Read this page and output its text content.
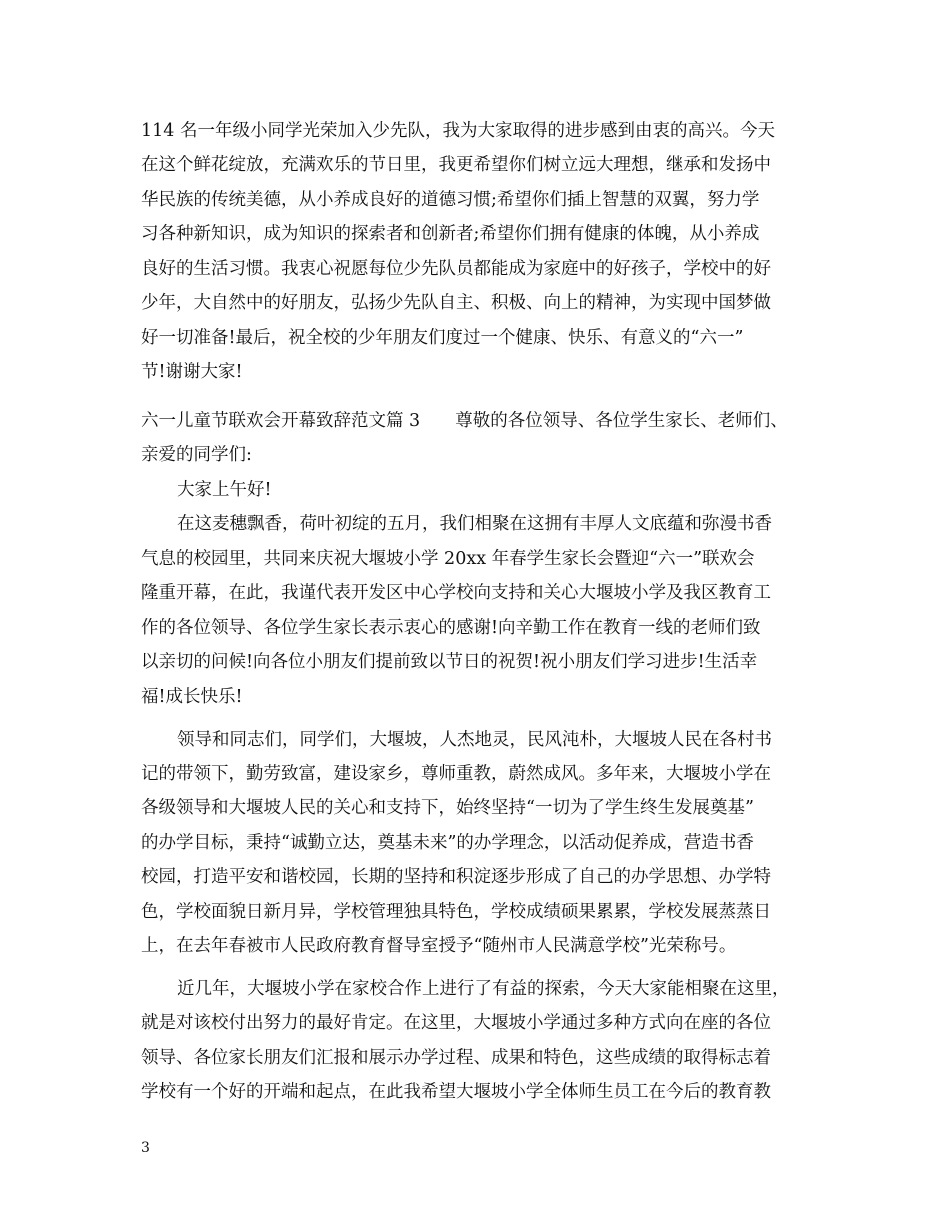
114 名一年级小同学光荣加入少先队，我为大家取得的进步感到由衷的高兴。今天
在这个鲜花绽放，充满欢乐的节日里，我更希望你们树立远大理想，继承和发扬中
华民族的传统美德，从小养成良好的道德习惯;希望你们插上智慧的双翼，努力学
习各种新知识，成为知识的探索者和创新者;希望你们拥有健康的体魄，从小养成
良好的生活习惯。我衷心祝愿每位少先队员都能成为家庭中的好孩子，学校中的好
少年，大自然中的好朋友，弘扬少先队自主、积极、向上的精神，为实现中国梦做
好一切准备!最后，祝全校的少年朋友们度过一个健康、快乐、有意义的“六一”
节!谢谢大家!
六一儿童节联欢会开幕致辞范文篇 3　　尊敬的各位领导、各位学生家长、老师们、
亲爱的同学们:
大家上午好!
在这麦穗飘香，荷叶初绽的五月，我们相聚在这拥有丰厚人文底蕴和弥漫书香
气息的校园里，共同来庆祝大堰坡小学 20xx 年春学生家长会暨迎“六一”联欢会
隆重开幕，在此，我谨代表开发区中心学校向支持和关心大堰坡小学及我区教育工
作的各位领导、各位学生家长表示衷心的感谢!向辛勤工作在教育一线的老师们致
以亲切的问候!向各位小朋友们提前致以节日的祝贺!祝小朋友们学习进步!生活幸
福!成长快乐!
领导和同志们，同学们，大堰坡，人杰地灵，民风沌朴，大堰坡人民在各村书
记的带领下，勤劳致富，建设家乡，尊师重教，蔚然成风。多年来，大堰坡小学在
各级领导和大堰坡人民的关心和支持下，始终坚持“一切为了学生终生发展奠基”
的办学目标，秉持“诚勤立达，奠基未来”的办学理念，以活动促养成，营造书香
校园，打造平安和谐校园，长期的坚持和积淀逐步形成了自己的办学思想、办学特
色，学校面貌日新月异，学校管理独具特色，学校成绩硕果累累，学校发展蒸蒸日
上，在去年春被市人民政府教育督导室授予“随州市人民满意学校”光荣称号。
近几年，大堰坡小学在家校合作上进行了有益的探索，今天大家能相聚在这里，
就是对该校付出努力的最好肯定。在这里，大堰坡小学通过多种方式向在座的各位
领导、各位家长朋友们汇报和展示办学过程、成果和特色，这些成绩的取得标志着
学校有一个好的开端和起点，在此我希望大堰坡小学全体师生员工在今后的教育教
3
